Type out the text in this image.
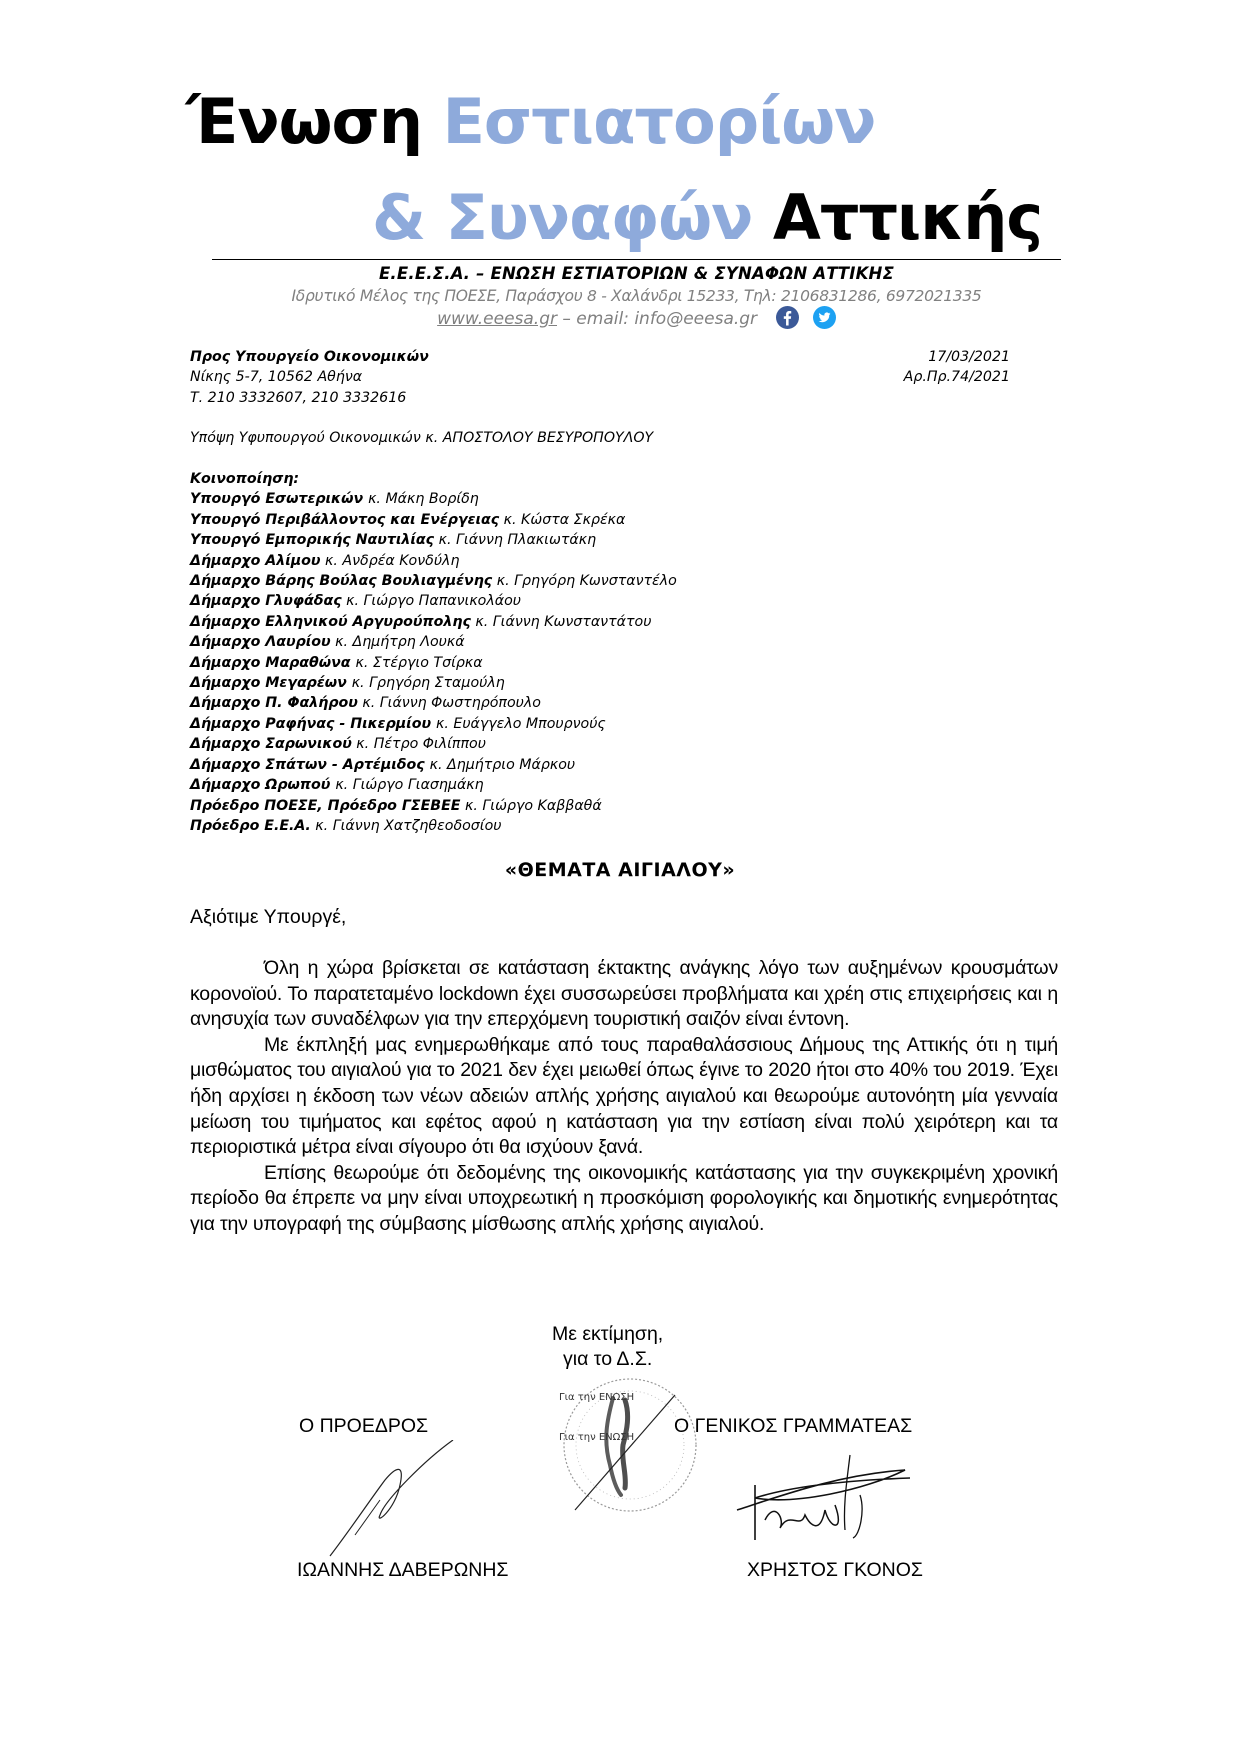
Ένωση Εστιατορίων
& Συναφών Αττικής
Ε.Ε.Ε.Σ.Α. – ΕΝΩΣΗ ΕΣΤΙΑΤΟΡΙΩΝ & ΣΥΝΑΦΩΝ ΑΤΤΙΚΗΣ
Ιδρυτικό Μέλος της ΠΟΕΣΕ, Παράσχου 8 - Χαλάνδρι 15233, Τηλ: 2106831286, 6972021335
www.eeesa.gr – email: info@eeesa.gr

Προς Υπουργείο Οικονομικών
Νίκης 5-7, 10562 Αθήνα
Τ. 210 3332607, 210 3332616
17/03/2021
Αρ.Πρ.74/2021
Υπόψη Υφυπουργού Οικονομικών κ. ΑΠΟΣΤΟΛΟΥ ΒΕΣΥΡΟΠΟΥΛΟΥ
Κοινοποίηση:
Υπουργό Εσωτερικών κ. Μάκη Βορίδη
Υπουργό Περιβάλλοντος και Ενέργειας κ. Κώστα Σκρέκα
Υπουργό Εμπορικής Ναυτιλίας κ. Γιάννη Πλακιωτάκη
Δήμαρχο Αλίμου κ. Ανδρέα Κονδύλη
Δήμαρχο Βάρης Βούλας Βουλιαγμένης κ. Γρηγόρη Κωνσταντέλο
Δήμαρχο Γλυφάδας κ. Γιώργο Παπανικολάου
Δήμαρχο Ελληνικού Αργυρούπολης κ. Γιάννη Κωνσταντάτου
Δήμαρχο Λαυρίου κ. Δημήτρη Λουκά
Δήμαρχο Μαραθώνα κ. Στέργιο Τσίρκα
Δήμαρχο Μεγαρέων κ. Γρηγόρη Σταμούλη
Δήμαρχο Π. Φαλήρου κ. Γιάννη Φωστηρόπουλο
Δήμαρχο Ραφήνας - Πικερμίου κ. Ευάγγελο Μπουρνούς
Δήμαρχο Σαρωνικού κ. Πέτρο Φιλίππου
Δήμαρχο Σπάτων - Αρτέμιδος κ. Δημήτριο Μάρκου
Δήμαρχο Ωρωπού κ. Γιώργο Γιασημάκη
Πρόεδρο ΠΟΕΣΕ, Πρόεδρο ΓΣΕΒΕΕ κ. Γιώργο Καββαθά
Πρόεδρο Ε.Ε.Α. κ. Γιάννη Χατζηθεοδοσίου
«ΘΕΜΑΤΑ ΑΙΓΙΑΛΟΥ»
Αξιότιμε Υπουργέ,

Όλη η χώρα βρίσκεται σε κατάσταση έκτακτης ανάγκης λόγο των αυξημένων κρουσμάτων κορονοϊού. Το παρατεταμένο lockdown έχει συσσωρεύσει προβλήματα και χρέη στις επιχειρήσεις και η ανησυχία των συναδέλφων για την επερχόμενη τουριστική σαιζόν είναι έντονη.

Με έκπληξή μας ενημερωθήκαμε από τους παραθαλάσσιους Δήμους της Αττικής ότι η τιμή μισθώματος του αιγιαλού για το 2021 δεν έχει μειωθεί όπως έγινε το 2020 ήτοι στο 40% του 2019. Έχει ήδη αρχίσει η έκδοση των νέων αδειών απλής χρήσης αιγιαλού και θεωρούμε αυτονόητη μία γενναία μείωση του τιμήματος και εφέτος αφού η κατάσταση για την εστίαση είναι πολύ χειρότερη και τα περιοριστικά μέτρα είναι σίγουρο ότι θα ισχύουν ξανά.

Επίσης θεωρούμε ότι δεδομένης της οικονομικής κατάστασης για την συγκεκριμένη χρονική περίοδο θα έπρεπε να μην είναι υποχρεωτική η προσκόμιση φορολογικής και δημοτικής ενημερότητας για την υπογραφή της σύμβασης μίσθωσης απλής χρήσης αιγιαλού.

Με εκτίμηση,
για το Δ.Σ.
Για την ΕΝΩΣΗ
Για την ΕΝΩΣΗ
Ο ΠΡΟΕΔΡΟΣ	Ο ΓΕΝΙΚΟΣ ΓΡΑΜΜΑΤΕΑΣ
ΙΩΑΝΝΗΣ ΔΑΒΕΡΩΝΗΣ	ΧΡΗΣΤΟΣ ΓΚΟΝΟΣ
